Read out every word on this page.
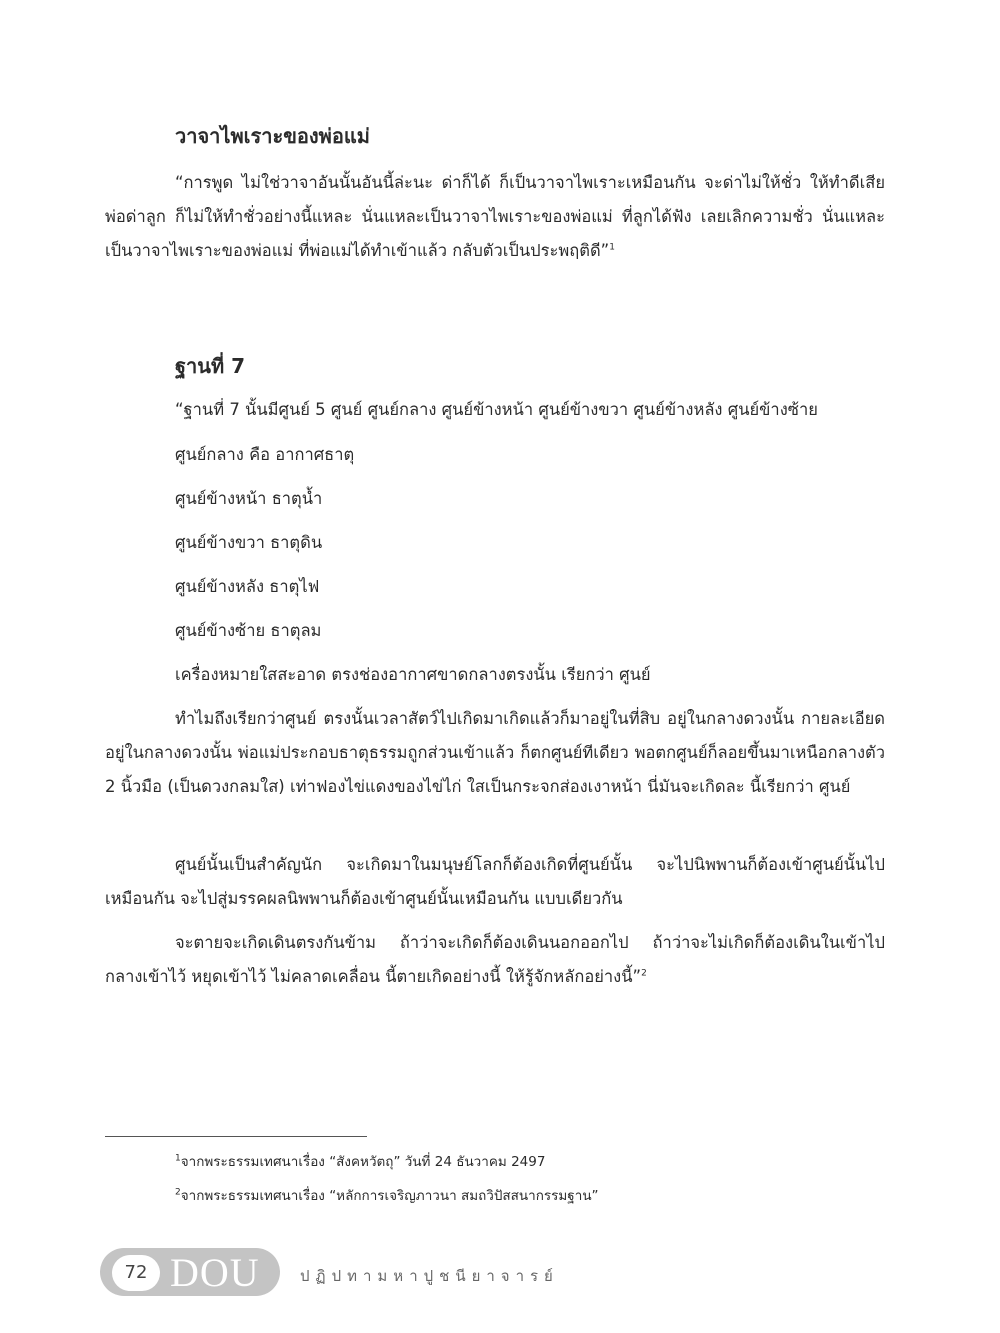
วาจาไพเราะของพ่อแม่

“การพูด ไม่ใช่วาจาอันนั้นอันนี้ล่ะนะ ด่าก็ได้ ก็เป็นวาจาไพเราะเหมือนกัน จะด่าไม่ให้ชั่ว ให้ทำดีเสีย พ่อด่าลูก ก็ไม่ให้ทำชั่วอย่างนี้แหละ นั่นแหละเป็นวาจาไพเราะของพ่อแม่ ที่ลูกได้ฟัง เลยเลิกความชั่ว นั่นแหละเป็นวาจาไพเราะของพ่อแม่ ที่พ่อแม่ได้ทำเข้าแล้ว กลับตัวเป็นประพฤติดี”$^1$

ฐานที่ 7

“ฐานที่ 7 นั้นมีศูนย์ 5 ศูนย์ ศูนย์กลาง ศูนย์ข้างหน้า ศูนย์ข้างขวา ศูนย์ข้างหลัง ศูนย์ข้างซ้าย

ศูนย์กลาง คือ อากาศธาตุ

ศูนย์ข้างหน้า ธาตุน้ำ

ศูนย์ข้างขวา ธาตุดิน

ศูนย์ข้างหลัง ธาตุไฟ

ศูนย์ข้างซ้าย ธาตุลม

เครื่องหมายใสสะอาด ตรงช่องอากาศขาดกลางตรงนั้น เรียกว่า ศูนย์

ทำไมถึงเรียกว่าศูนย์ ตรงนั้นเวลาสัตว์ไปเกิดมาเกิดแล้วก็มาอยู่ในที่สิบ อยู่ในกลางดวงนั้น กายละเอียดอยู่ในกลางดวงนั้น พ่อแม่ประกอบธาตุธรรมถูกส่วนเข้าแล้ว ก็ตกศูนย์ทีเดียว พอตกศูนย์ก็ลอยขึ้นมาเหนือกลางตัว 2 นิ้วมือ (เป็นดวงกลมใส) เท่าฟองไข่แดงของไข่ไก่ ใสเป็นกระจกส่องเงาหน้า นี่มันจะเกิดละ นี้เรียกว่า ศูนย์

ศูนย์นั้นเป็นสำคัญนัก จะเกิดมาในมนุษย์โลกก็ต้องเกิดที่ศูนย์นั้น จะไปนิพพานก็ต้องเข้าศูนย์นั้นไปเหมือนกัน จะไปสู่มรรคผลนิพพานก็ต้องเข้าศูนย์นั้นเหมือนกัน แบบเดียวกัน

จะตายจะเกิดเดินตรงกันข้าม ถ้าว่าจะเกิดก็ต้องเดินนอกออกไป ถ้าว่าจะไม่เกิดก็ต้องเดินในเข้าไป กลางเข้าไว้ หยุดเข้าไว้ ไม่คลาดเคลื่อน นี้ตายเกิดอย่างนี้ ให้รู้จักหลักอย่างนี้”$^2$

$^1$จากพระธรรมเทศนาเรื่อง “สังคหวัตถุ” วันที่ 24 ธันวาคม 2497

$^2$จากพระธรรมเทศนาเรื่อง “หลักการเจริญภาวนา สมถวิปัสสนากรรมฐาน”

72 DOU	ปฏิปทามหาปูชนียาจารย์
